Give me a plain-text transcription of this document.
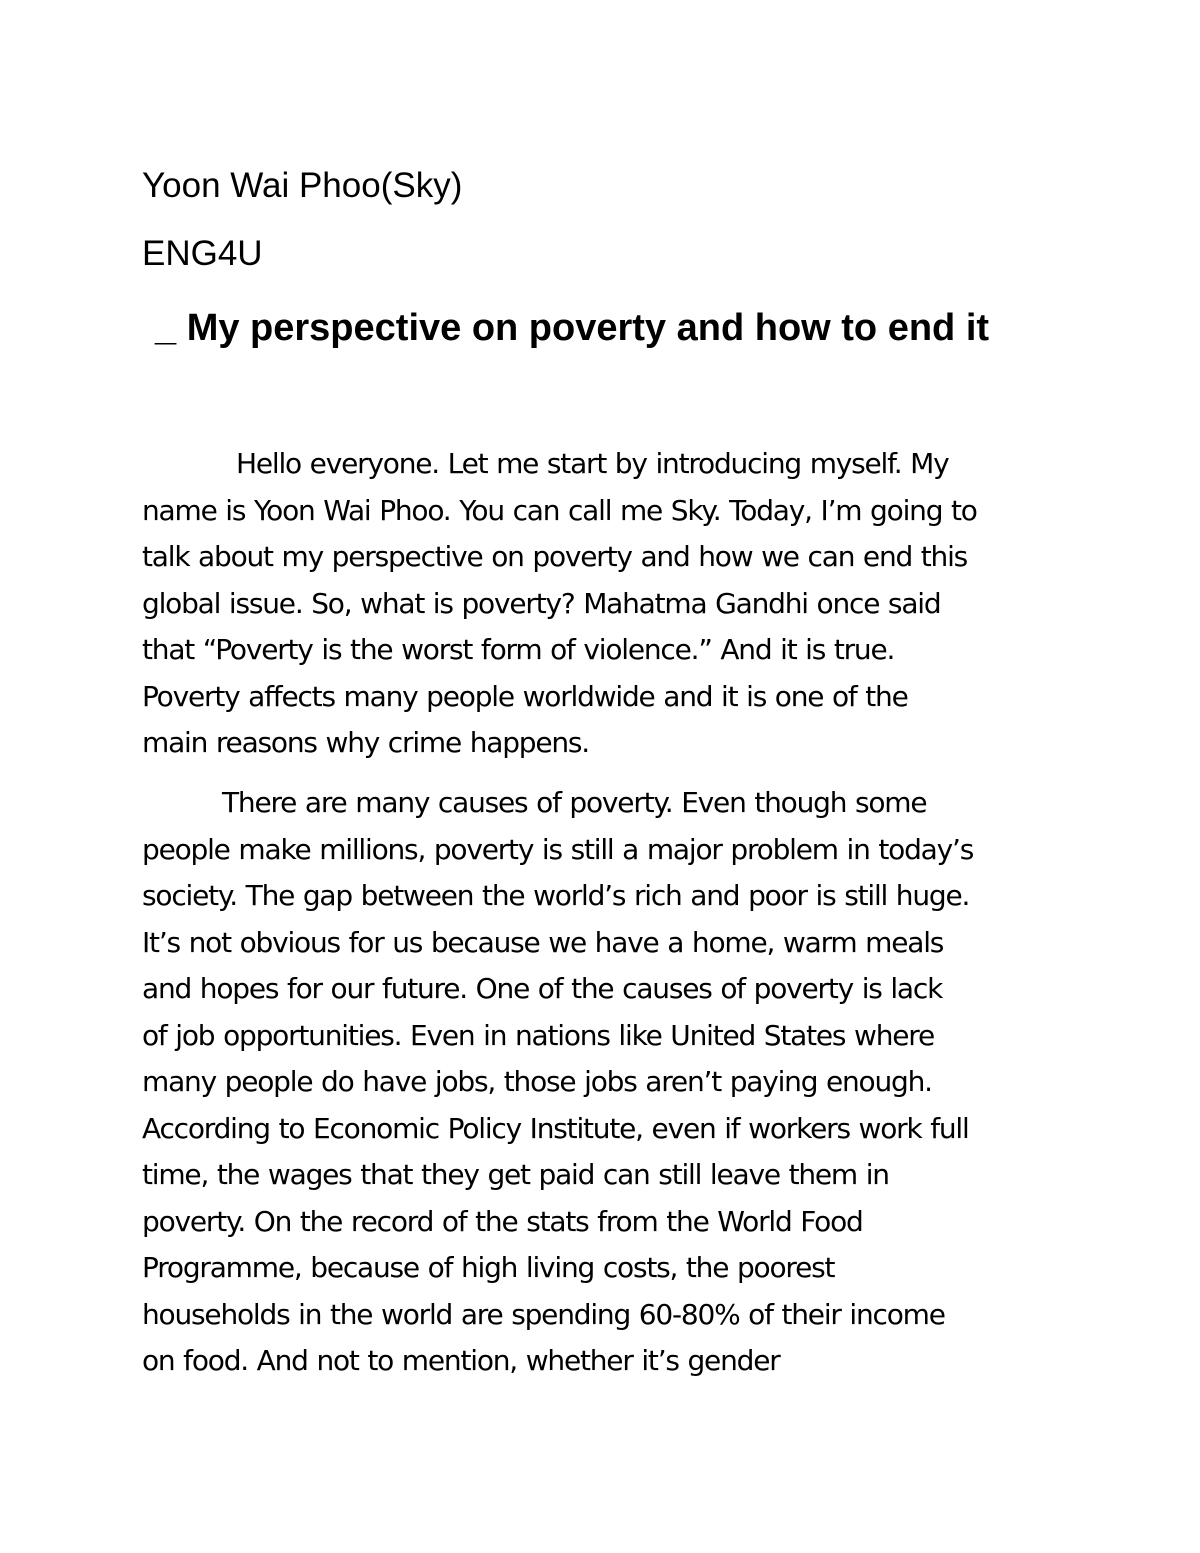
Yoon Wai Phoo(Sky)
ENG4U
_ My perspective on poverty and how to end it
Hello everyone. Let me start by introducing myself. My
name is Yoon Wai Phoo. You can call me Sky. Today, I’m going to
talk about my perspective on poverty and how we can end this
global issue. So, what is poverty? Mahatma Gandhi once said
that “Poverty is the worst form of violence.” And it is true.
Poverty affects many people worldwide and it is one of the
main reasons why crime happens.
There are many causes of poverty. Even though some
people make millions, poverty is still a major problem in today’s
society. The gap between the world’s rich and poor is still huge.
It’s not obvious for us because we have a home, warm meals
and hopes for our future. One of the causes of poverty is lack
of job opportunities. Even in nations like United States where
many people do have jobs, those jobs aren’t paying enough.
According to Economic Policy Institute, even if workers work full
time, the wages that they get paid can still leave them in
poverty. On the record of the stats from the World Food
Programme, because of high living costs, the poorest
households in the world are spending 60-80% of their income
on food. And not to mention, whether it’s gender
